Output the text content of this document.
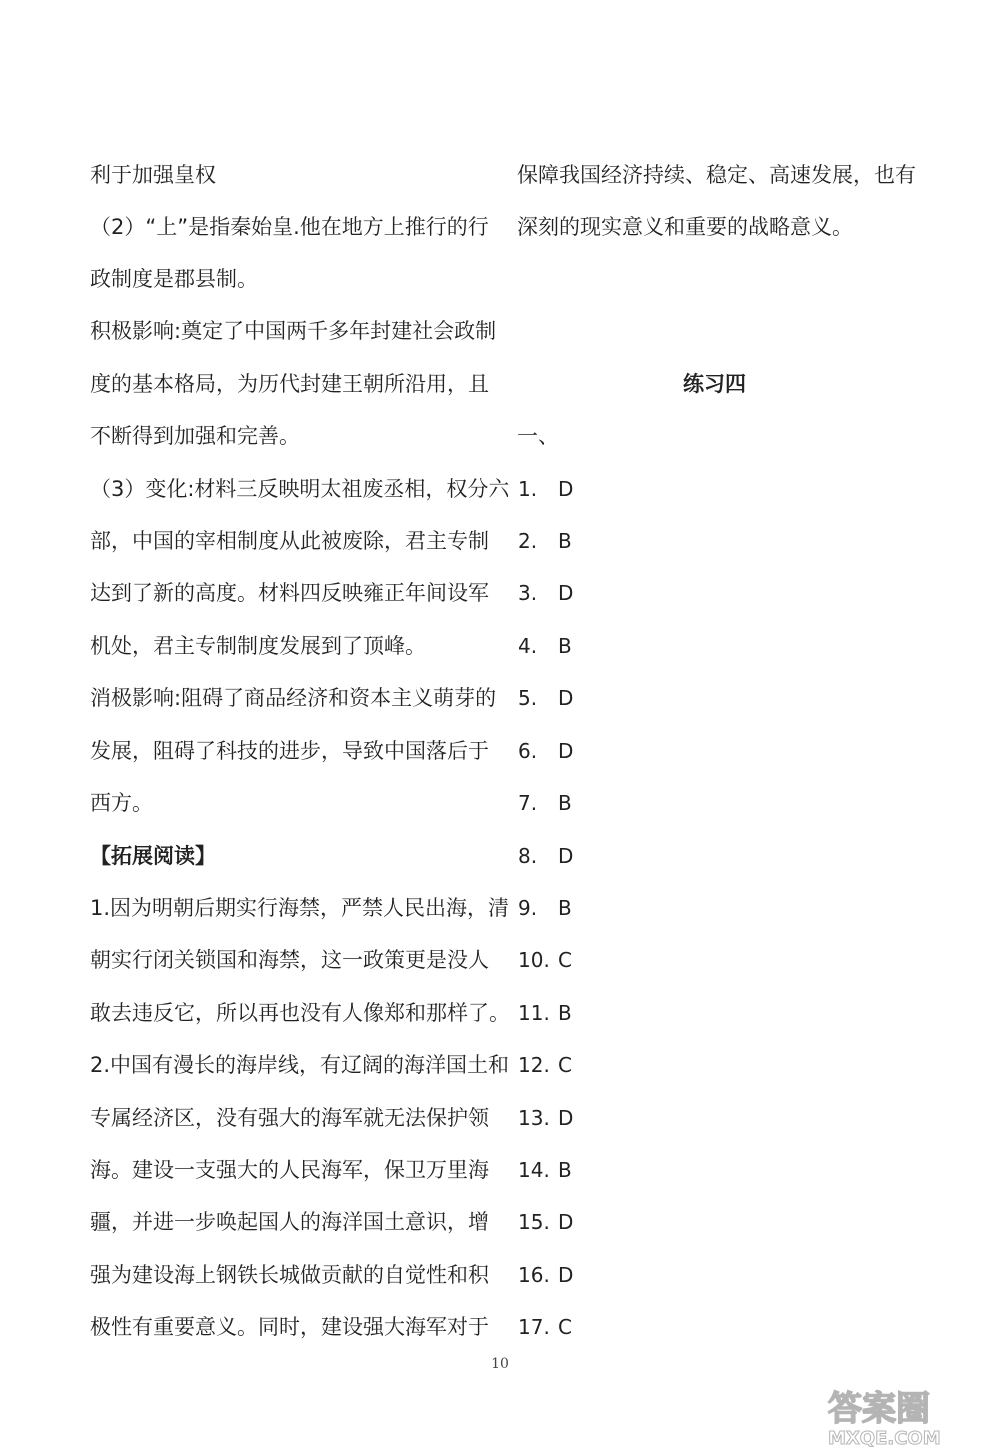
利于加强皇权
（2）“上”是指秦始皇.他在地方上推行的行
政制度是郡县制。
积极影响:奠定了中国两千多年封建社会政制
度的基本格局，为历代封建王朝所沿用，且
不断得到加强和完善。
（3）变化:材料三反映明太祖废丞相，权分六
部，中国的宰相制度从此被废除，君主专制
达到了新的高度。材料四反映雍正年间设军
机处，君主专制制度发展到了顶峰。
消极影响:阻碍了商品经济和资本主义萌芽的
发展，阻碍了科技的进步，导致中国落后于
西方。
【拓展阅读】
1.因为明朝后期实行海禁，严禁人民出海，清
朝实行闭关锁国和海禁，这一政策更是没人
敢去违反它，所以再也没有人像郑和那样了。
2.中国有漫长的海岸线，有辽阔的海洋国土和
专属经济区，没有强大的海军就无法保护领
海。建设一支强大的人民海军，保卫万里海
疆，并进一步唤起国人的海洋国土意识，增
强为建设海上钢铁长城做贡献的自觉性和积
极性有重要意义。同时，建设强大海军对于
保障我国经济持续、稳定、高速发展，也有
深刻的现实意义和重要的战略意义。
练习四
一、
1. D
2. B
3. D
4. B
5. D
6. D
7. B
8. D
9. B
10. C
11. B
12. C
13. D
14. B
15. D
16. D
17. C
10
答案圈
MXQE.COM
